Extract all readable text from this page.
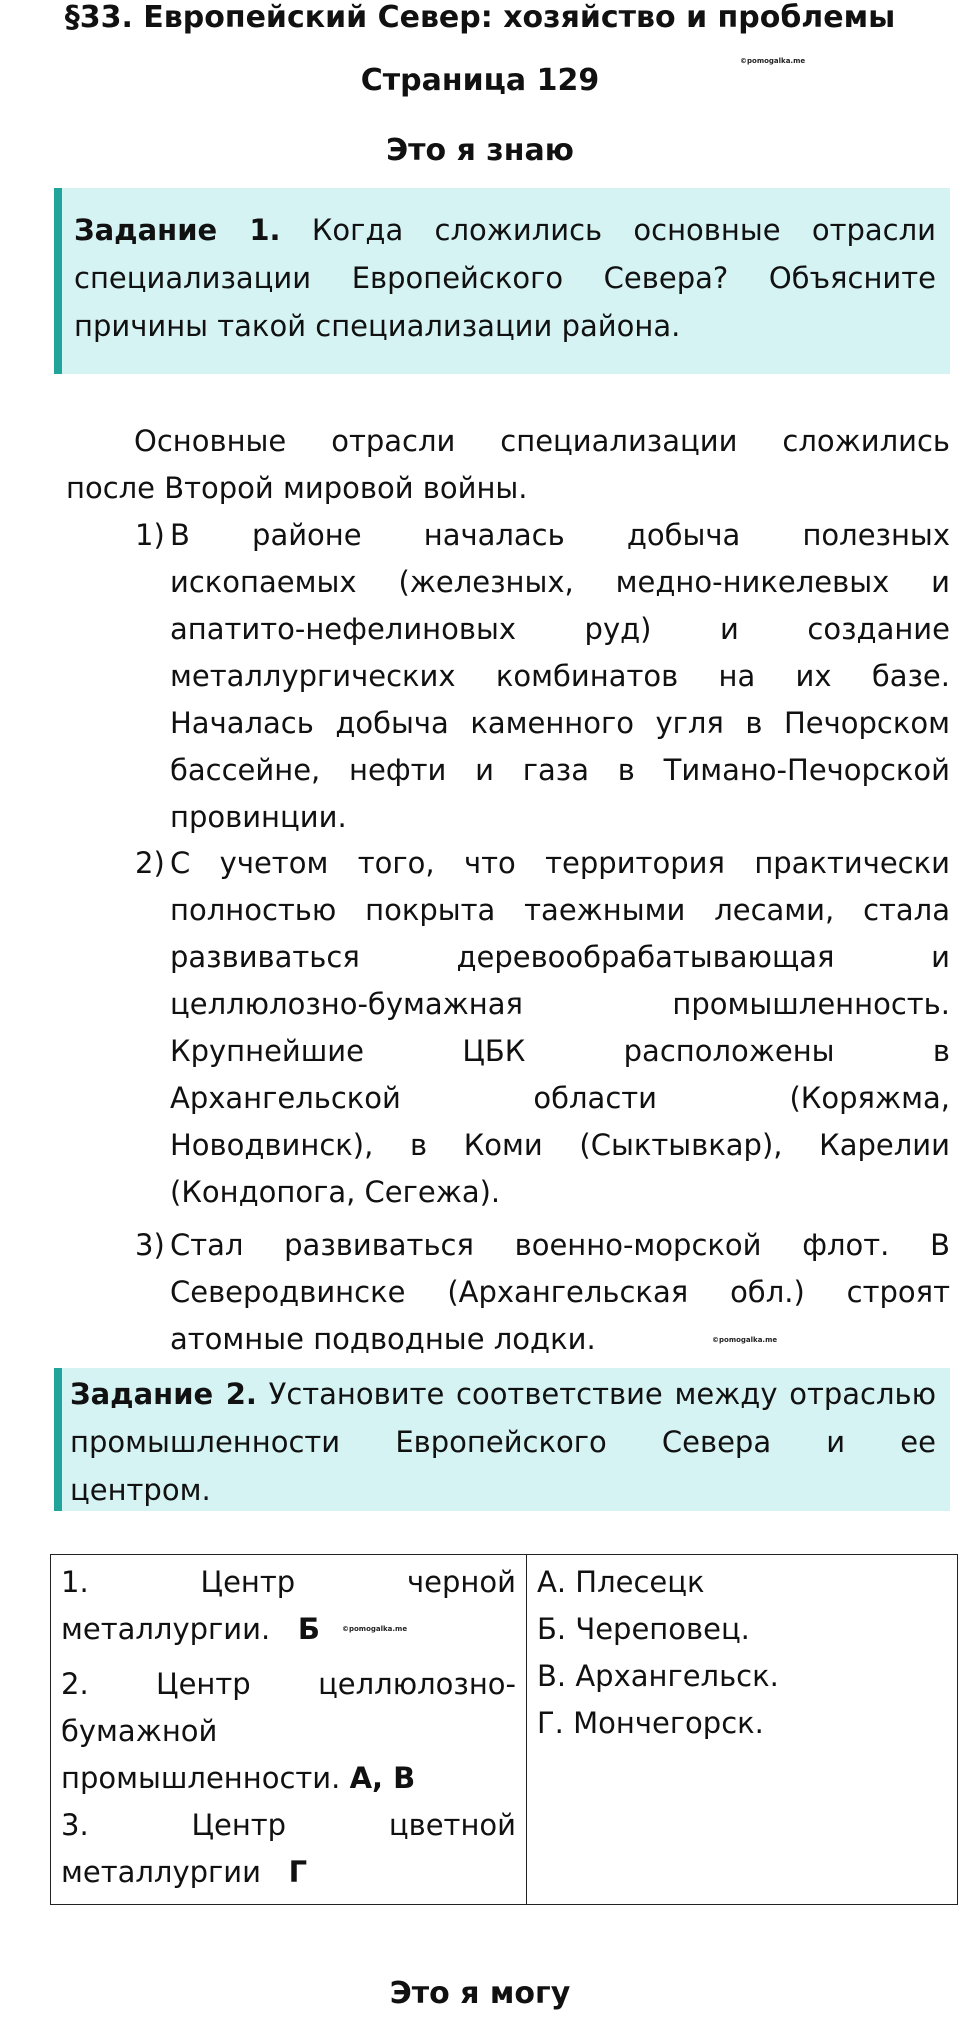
§33. Европейский Север: хозяйство и проблемы
Страница 129
©pomogalka.me
Это я знаю
Задание 1. Когда сложились основные отрасли
специализации Европейского Севера? Объясните
причины такой специализации района.
Основные отрасли специализации сложились
после Второй мировой войны.
1) В районе началась добыча полезных
ископаемых (железных, медно-никелевых и
апатито-нефелиновых руд) и создание
металлургических комбинатов на их базе.
Началась добыча каменного угля в Печорском
бассейне, нефти и газа в Тимано-Печорской
провинции.
2) С учетом того, что территория практически
полностью покрыта таежными лесами, стала
развиваться деревообрабатывающая и
целлюлозно-бумажная промышленность.
Крупнейшие ЦБК расположены в
Архангельской области (Коряжма,
Новодвинск), в Коми (Сыктывкар), Карелии
(Кондопога, Сегежа).
3) Стал развиваться военно-морской флот. В
Северодвинске (Архангельская обл.) строят
атомные подводные лодки.	©pomogalka.me
Задание 2. Установите соответствие между отраслью
промышленности Европейского Севера и ее
центром.
1. Центр черной
металлургии. Б	$^{©pomogalka.me}$
2. Центр целлюлозно-
бумажной
промышленности. А, В
3. Центр цветной
металлургии Г

А. Плесецк
Б. Череповец.
В. Архангельск.
Г. Мончегорск.
Это я могу
